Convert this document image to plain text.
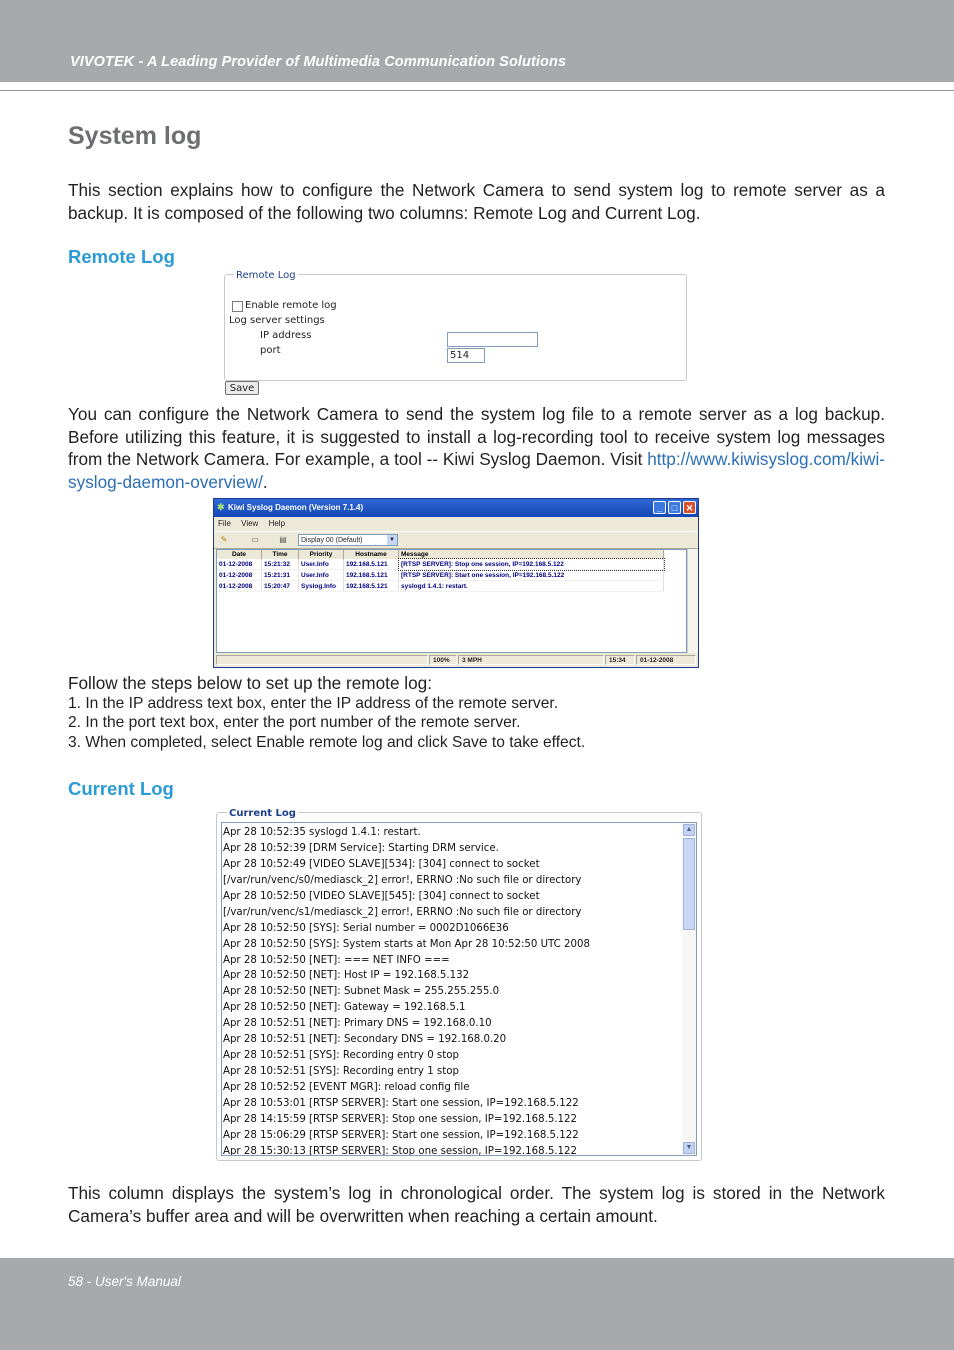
VIVOTEK - A Leading Provider of Multimedia Communication Solutions
System log

This section explains how to configure the Network Camera to send system log to remote server as a backup. It is composed of the following two columns: Remote Log and Current Log.

Remote Log
Remote Log
Enable remote log
Log server settings
IP address
port	514
Save

You can configure the Network Camera to send the system log file to a remote server as a log backup. Before utilizing this feature, it is suggested to install a log-recording tool to receive system log messages from the Network Camera. For example, a tool -- Kiwi Syslog Daemon. Visit http://www.kiwisyslog.com/kiwi-syslog-daemon-overview/.

✱ Kiwi Syslog Daemon (Version 7.1.4)	_	□ ✕
File View Help
✎	▭	▤	Display 00 (Default)	▼
Date	Time	Priority	Hostname	Message
01-12-2008	15:21:32	User.Info	192.168.5.121	[RTSP SERVER]: Stop one session, IP=192.168.5.122
01-12-2008	15:21:31	User.Info	192.168.5.121	[RTSP SERVER]: Start one session, IP=192.168.5.122
01-12-2008	15:20:47	Syslog.Info	192.168.5.121	syslogd 1.4.1: restart.
100%	3 MPH	15:34	01-12-2008
Follow the steps below to set up the remote log:
1. In the IP address text box, enter the IP address of the remote server.
2. In the port text box, enter the port number of the remote server.
3. When completed, select Enable remote log and click Save to take effect.
Current Log
Current Log
Apr 28 10:52:35 syslogd 1.4.1: restart.
Apr 28 10:52:39 [DRM Service]: Starting DRM service.
Apr 28 10:52:49 [VIDEO SLAVE][534]: [304] connect to socket
[/var/run/venc/s0/mediasck_2] error!, ERRNO :No such file or directory
Apr 28 10:52:50 [VIDEO SLAVE][545]: [304] connect to socket
[/var/run/venc/s1/mediasck_2] error!, ERRNO :No such file or directory
Apr 28 10:52:50 [SYS]: Serial number = 0002D1066E36
Apr 28 10:52:50 [SYS]: System starts at Mon Apr 28 10:52:50 UTC 2008
Apr 28 10:52:50 [NET]: === NET INFO ===
Apr 28 10:52:50 [NET]: Host IP = 192.168.5.132
Apr 28 10:52:50 [NET]: Subnet Mask = 255.255.255.0
Apr 28 10:52:50 [NET]: Gateway = 192.168.5.1
Apr 28 10:52:51 [NET]: Primary DNS = 192.168.0.10
Apr 28 10:52:51 [NET]: Secondary DNS = 192.168.0.20
Apr 28 10:52:51 [SYS]: Recording entry 0 stop
Apr 28 10:52:51 [SYS]: Recording entry 1 stop
Apr 28 10:52:52 [EVENT MGR]: reload config file
Apr 28 10:53:01 [RTSP SERVER]: Start one session, IP=192.168.5.122
Apr 28 14:15:59 [RTSP SERVER]: Stop one session, IP=192.168.5.122
Apr 28 15:06:29 [RTSP SERVER]: Start one session, IP=192.168.5.122
Apr 28 15:30:13 [RTSP SERVER]: Stop one session, IP=192.168.5.122
▲
▼

This column displays the system’s log in chronological order. The system log is stored in the Network Camera’s buffer area and will be overwritten when reaching a certain amount.

58 - User's Manual
